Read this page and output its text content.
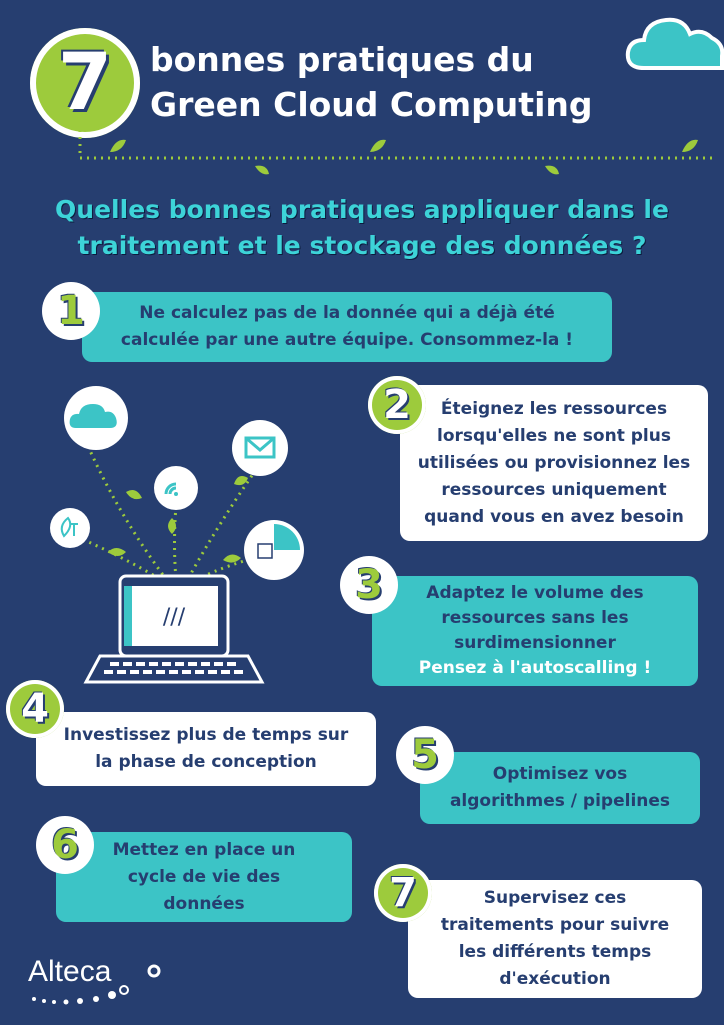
7	bonnes pratiques du
Green Cloud Computing
Quelles bonnes pratiques appliquer dans le
traitement et le stockage des données ?
Ne calculez pas de la donnée qui a déjà été
calculée par une autre équipe. Consommez-la !
1
Éteignez les ressources
lorsqu'elles ne sont plus
utilisées ou provisionnez les
ressources uniquement
quand vous en avez besoin
2
Adaptez le volume des
ressources sans les
surdimensionner
Pensez à l'autoscalling !
3
Investissez plus de temps sur
la phase de conception
4
Optimisez vos
algorithmes / pipelines
5
Mettez en place un
cycle de vie des
données
6
Supervisez ces
traitements pour suivre
les différents temps
d'exécution
7
///
Alteca
